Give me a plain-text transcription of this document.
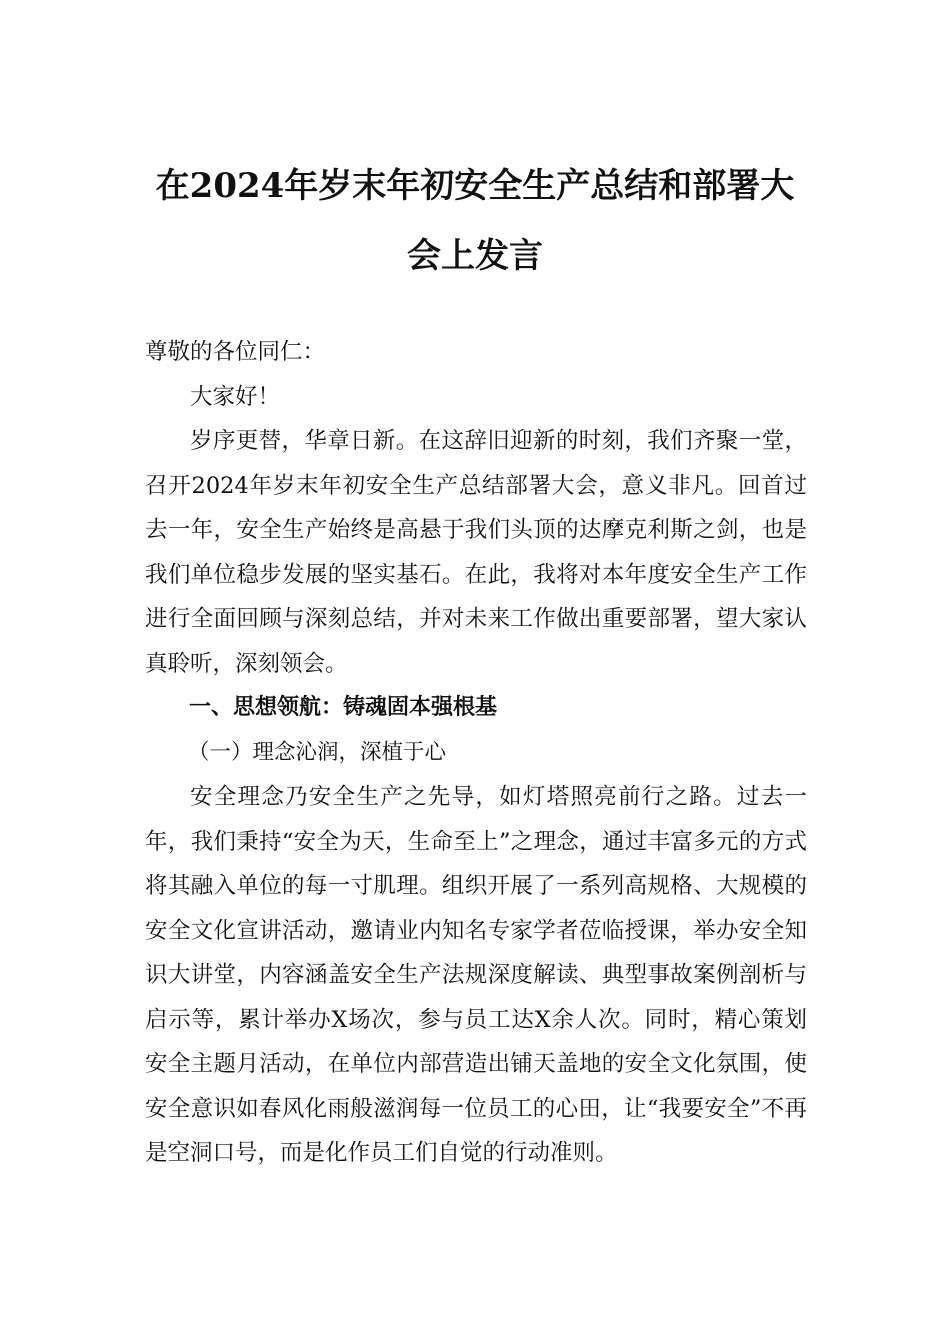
在2024年岁末年初安全生产总结和部署大
会上发言

尊敬的各位同仁：

大家好！

岁序更替，华章日新。在这辞旧迎新的时刻，我们齐聚一堂，召开2024年岁末年初安全生产总结部署大会，意义非凡。回首过去一年，安全生产始终是高悬于我们头顶的达摩克利斯之剑，也是我们单位稳步发展的坚实基石。在此，我将对本年度安全生产工作进行全面回顾与深刻总结，并对未来工作做出重要部署，望大家认真聆听，深刻领会。

一、思想领航：铸魂固本强根基

（一）理念沁润，深植于心

安全理念乃安全生产之先导，如灯塔照亮前行之路。过去一年，我们秉持“安全为天，生命至上”之理念，通过丰富多元的方式将其融入单位的每一寸肌理。组织开展了一系列高规格、大规模的安全文化宣讲活动，邀请业内知名专家学者莅临授课，举办安全知识大讲堂，内容涵盖安全生产法规深度解读、典型事故案例剖析与启示等，累计举办X场次，参与员工达X余人次。同时，精心策划安全主题月活动，在单位内部营造出铺天盖地的安全文化氛围，使安全意识如春风化雨般滋润每一位员工的心田，让“我要安全”不再是空洞口号，而是化作员工们自觉的行动准则。
